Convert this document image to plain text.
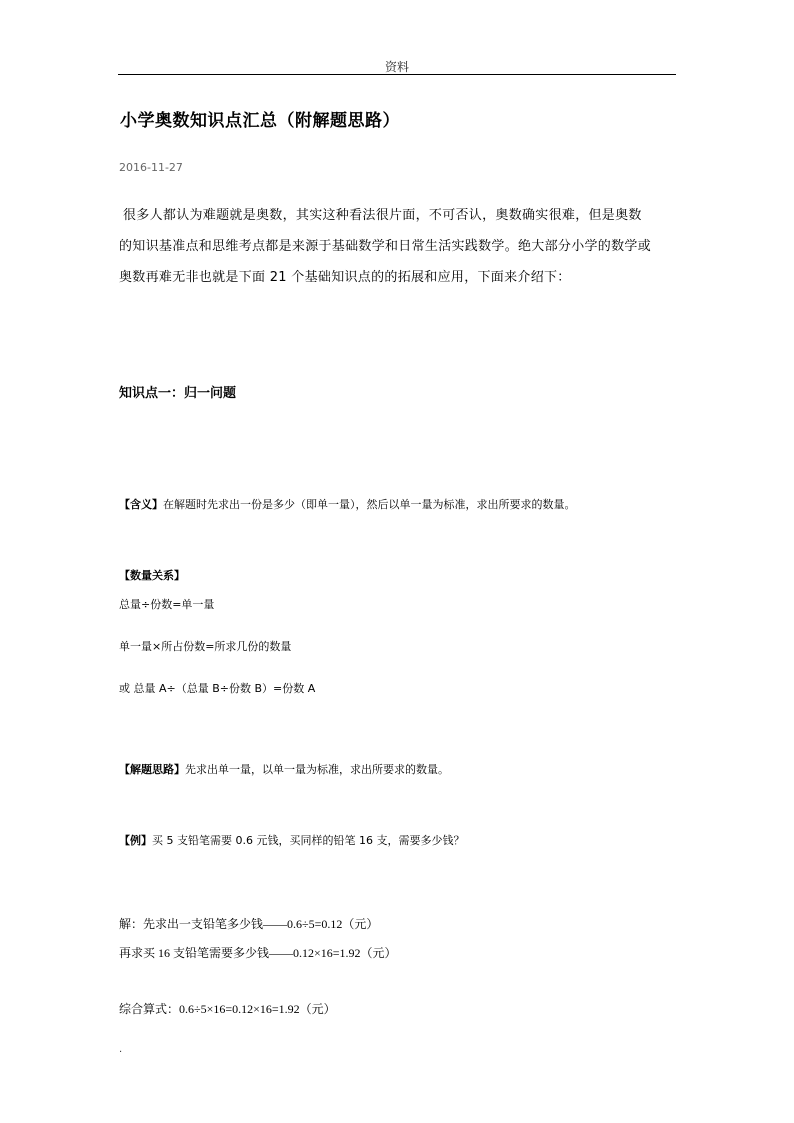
资料
小学奥数知识点汇总（附解题思路）
2016-11-27
很多人都认为难题就是奥数，其实这种看法很片面，不可否认，奥数确实很难，但是奥数
的知识基准点和思维考点都是来源于基础数学和日常生活实践数学。绝大部分小学的数学或
奥数再难无非也就是下面 21 个基础知识点的的拓展和应用，下面来介绍下：
知识点一：归一问题
【含义】在解题时先求出一份是多少（即单一量），然后以单一量为标准，求出所要求的数量。
【数量关系】
总量÷份数=单一量
单一量×所占份数=所求几份的数量
或 总量 A÷（总量 B÷份数 B）=份数 A
【解题思路】先求出单一量，以单一量为标准，求出所要求的数量。
【例】买 5 支铅笔需要 0.6 元钱，买同样的铅笔 16 支，需要多少钱？
解：先求出一支铅笔多少钱——0.6÷5=0.12（元）
再求买 16 支铅笔需要多少钱——0.12×16=1.92（元）
综合算式：0.6÷5×16=0.12×16=1.92（元）
.
